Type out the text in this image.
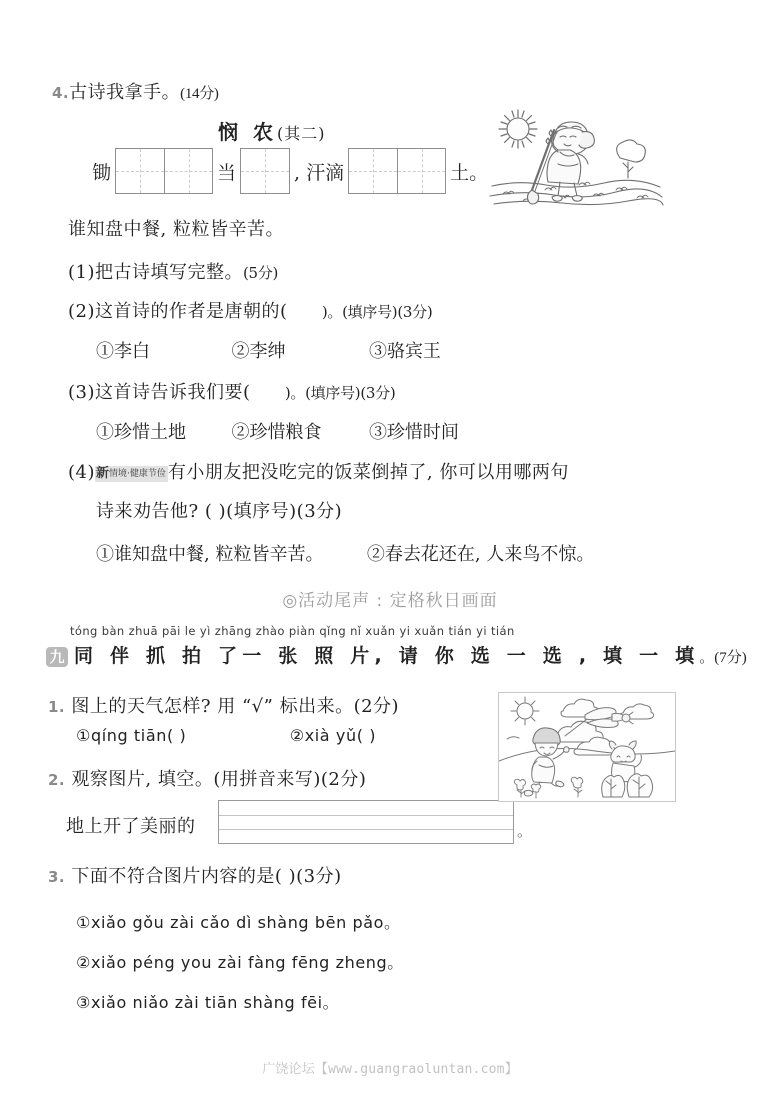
4.古诗我拿手。(14分)
悯 农(其二)
锄	当	, 汗滴	土。
谁知盘中餐, 粒粒皆辛苦。
(1)把古诗填写完整。(5分)
(2)这首诗的作者是唐朝的( )。(填序号)(3分)
①李白	②李绅	③骆宾王
(3)这首诗告诉我们要( )。(填序号)(3分)
①珍惜土地	②珍惜粮食	③珍惜时间
(4)新情境·健康节俭 有小朋友把没吃完的饭菜倒掉了, 你可以用哪两句
诗来劝告他? ( )(填序号)(3分)
①谁知盘中餐, 粒粒皆辛苦。 ②春去花还在, 人来鸟不惊。
◎活动尾声 : 定格秋日画面
tóng bàn zhuā pāi le yì zhāng zhào piàn qǐng nǐ xuǎn yi xuǎn tián yi tián
九 同 伴 抓 拍 了一 张 照 片 , 请 你 选 一 选 , 填 一 填 。(7分)
1. 图上的天气怎样? 用 “√” 标出来。(2分)
①qíng tiān( )	②xià yǔ( )
2. 观察图片, 填空。(用拼音来写)(2分)
地上开了美丽的	。
3. 下面不符合图片内容的是( )(3分)
①xiǎo gǒu zài cǎo dì shàng bēn pǎo。
②xiǎo péng you zài fàng fēng zheng。
③xiǎo niǎo zài tiān shàng fēi。
广饶论坛【www.guangraoluntan.com】
